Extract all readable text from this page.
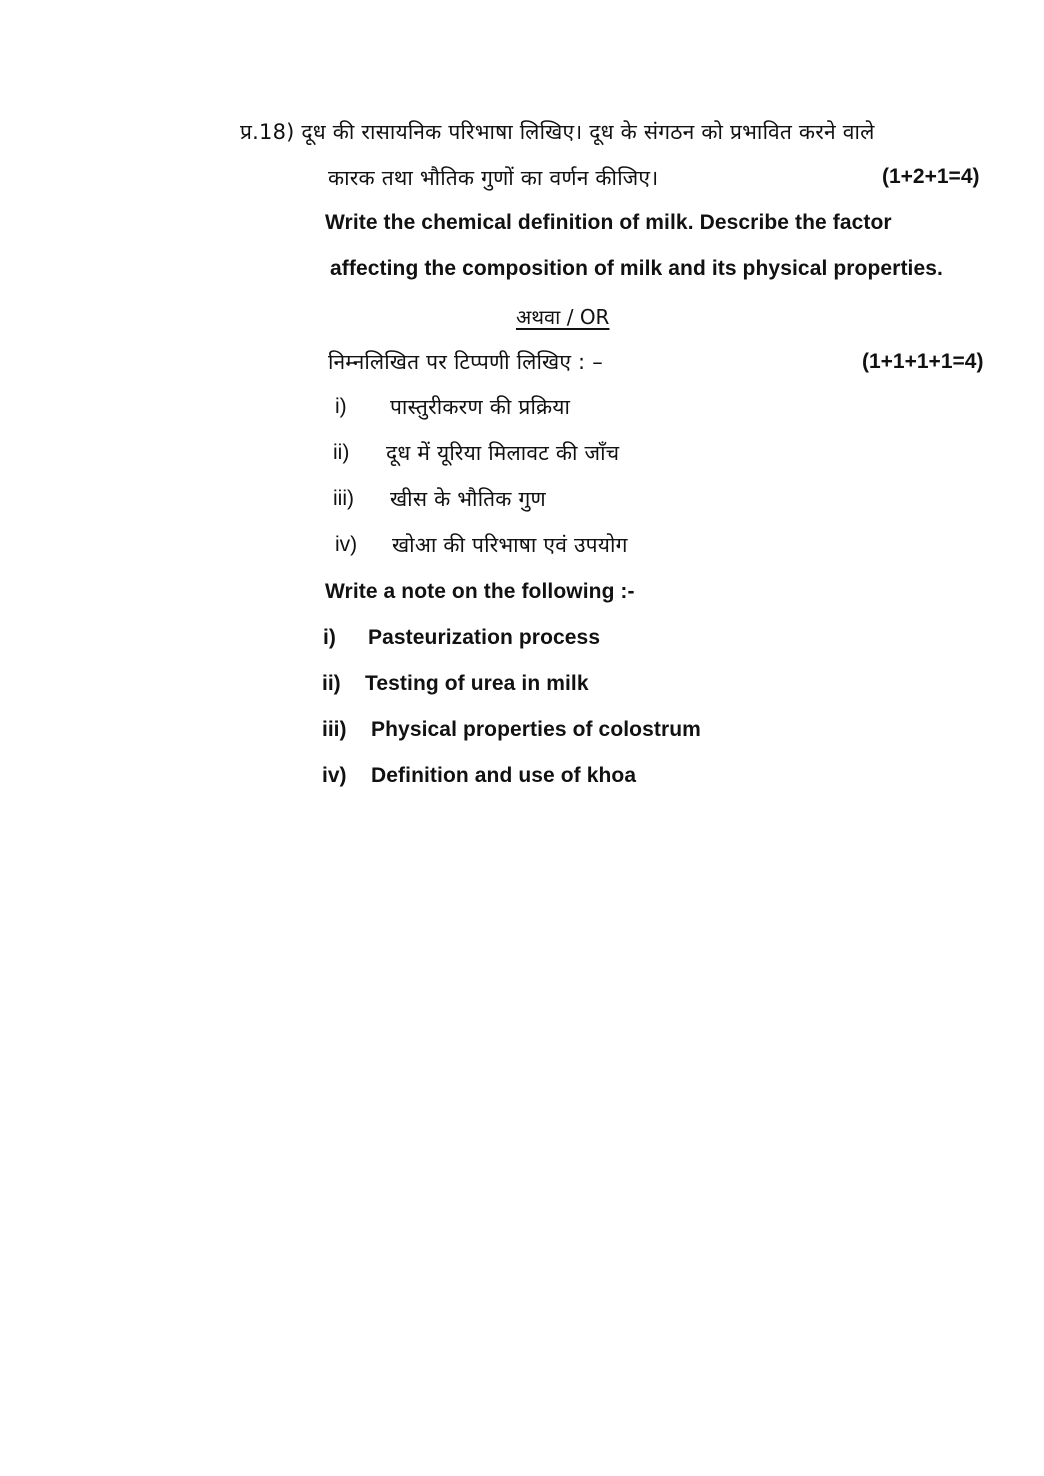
प्र.18) दूध की रासायनिक परिभाषा लिखिए। दूध के संगठन को प्रभावित करने वाले
कारक तथा भौतिक गुणों का वर्णन कीजिए।	(1+2+1=4)
Write the chemical definition of milk. Describe the factor
affecting the composition of milk and its physical properties.
अथवा / OR
निम्नलिखित पर टिप्पणी लिखिए : –	(1+1+1+1=4)
i) पास्तुरीकरण की प्रक्रिया
ii) दूध में यूरिया मिलावट की जाँच
iii) खीस के भौतिक गुण
iv) खोआ की परिभाषा एवं उपयोग
Write a note on the following :-
i) Pasteurization process
ii) Testing of urea in milk
iii) Physical properties of colostrum
iv) Definition and use of khoa
